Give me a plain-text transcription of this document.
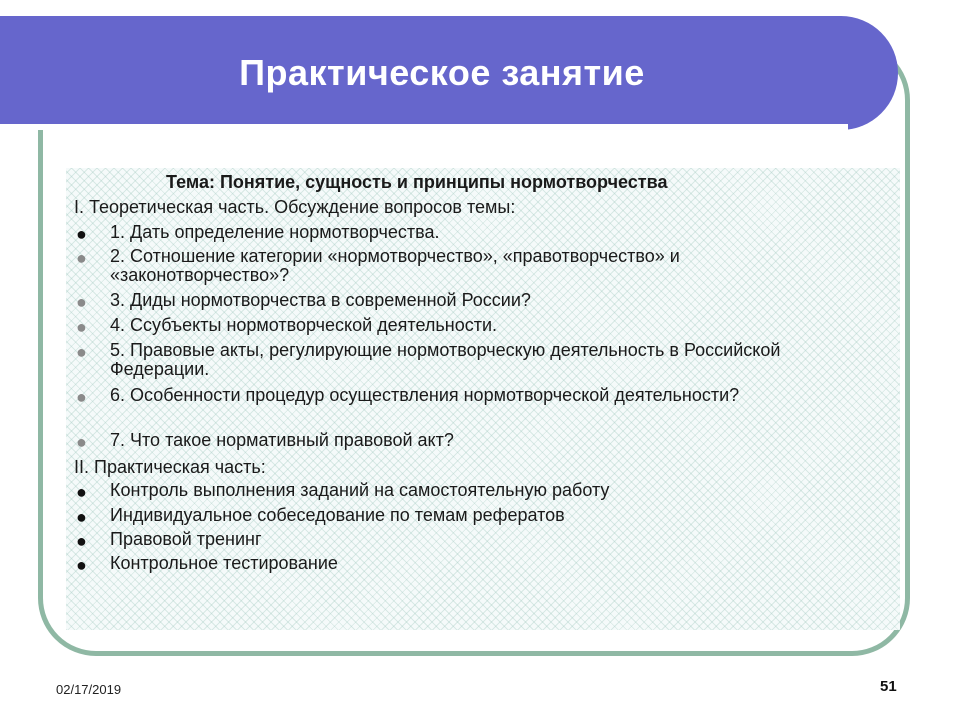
Практическое занятие
Тема: Понятие, сущность и принципы нормотворчества
I. Теоретическая часть. Обсуждение вопросов темы:
● 1. Дать определение нормотворчества.
● 2. Сотношение категории «нормотворчество», «правотворчество» и «законотворчество»?
● 3. Диды нормотворчества в современной России?
● 4. Ссубъекты нормотворческой деятельности.
● 5. Правовые акты, регулирующие нормотворческую деятельность в Российской Федерации.
● 6. Особенности процедур осуществления нормотворческой деятельности?
● 7. Что такое нормативный правовой акт?
II. Практическая часть:
● Контроль выполнения заданий на самостоятельную работу
● Индивидуальное собеседование по темам рефератов
● Правовой тренинг
● Контрольное тестирование
02/17/2019	51
